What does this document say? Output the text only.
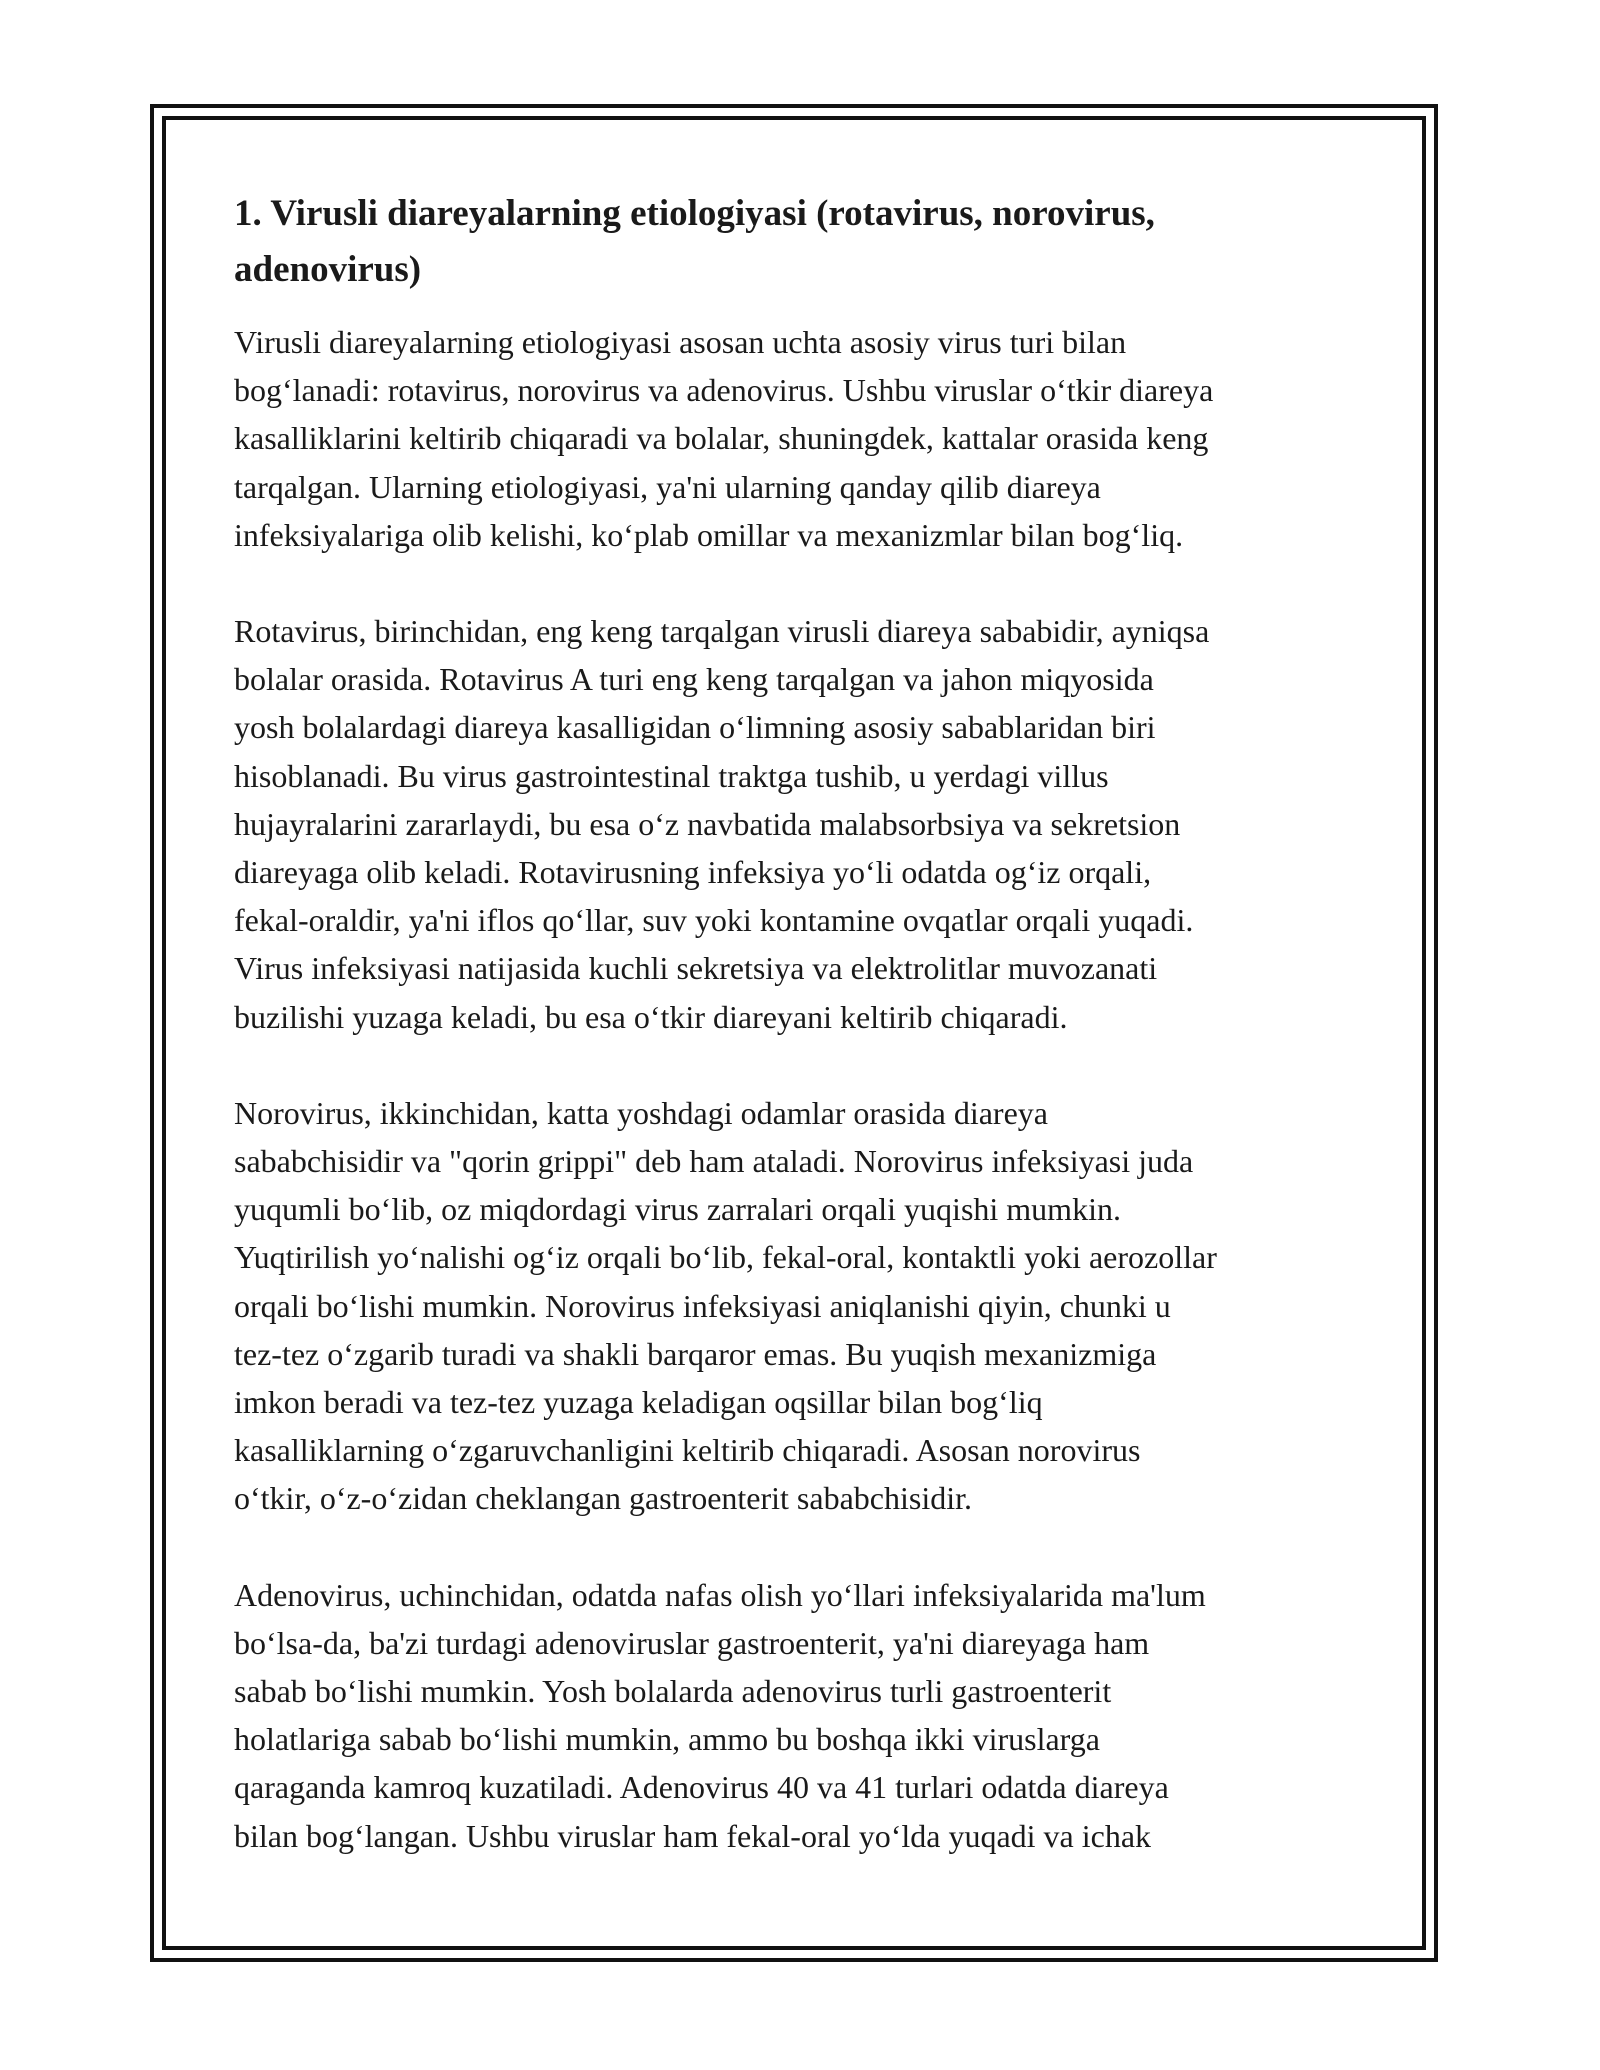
1. Virusli diareyalarning etiologiyasi (rotavirus, norovirus,
adenovirus)

Virusli diareyalarning etiologiyasi asosan uchta asosiy virus turi bilan
bog‘lanadi: rotavirus, norovirus va adenovirus. Ushbu viruslar o‘tkir diareya
kasalliklarini keltirib chiqaradi va bolalar, shuningdek, kattalar orasida keng
tarqalgan. Ularning etiologiyasi, ya'ni ularning qanday qilib diareya
infeksiyalariga olib kelishi, ko‘plab omillar va mexanizmlar bilan bog‘liq.

Rotavirus, birinchidan, eng keng tarqalgan virusli diareya sababidir, ayniqsa
bolalar orasida. Rotavirus A turi eng keng tarqalgan va jahon miqyosida
yosh bolalardagi diareya kasalligidan o‘limning asosiy sabablaridan biri
hisoblanadi. Bu virus gastrointestinal traktga tushib, u yerdagi villus
hujayralarini zararlaydi, bu esa o‘z navbatida malabsorbsiya va sekretsion
diareyaga olib keladi. Rotavirusning infeksiya yo‘li odatda og‘iz orqali,
fekal-oraldir, ya'ni iflos qo‘llar, suv yoki kontamine ovqatlar orqali yuqadi.
Virus infeksiyasi natijasida kuchli sekretsiya va elektrolitlar muvozanati
buzilishi yuzaga keladi, bu esa o‘tkir diareyani keltirib chiqaradi.

Norovirus, ikkinchidan, katta yoshdagi odamlar orasida diareya
sababchisidir va "qorin grippi" deb ham ataladi. Norovirus infeksiyasi juda
yuqumli bo‘lib, oz miqdordagi virus zarralari orqali yuqishi mumkin.
Yuqtirilish yo‘nalishi og‘iz orqali bo‘lib, fekal-oral, kontaktli yoki aerozollar
orqali bo‘lishi mumkin. Norovirus infeksiyasi aniqlanishi qiyin, chunki u
tez-tez o‘zgarib turadi va shakli barqaror emas. Bu yuqish mexanizmiga
imkon beradi va tez-tez yuzaga keladigan oqsillar bilan bog‘liq
kasalliklarning o‘zgaruvchanligini keltirib chiqaradi. Asosan norovirus
o‘tkir, o‘z-o‘zidan cheklangan gastroenterit sababchisidir.

Adenovirus, uchinchidan, odatda nafas olish yo‘llari infeksiyalarida ma'lum
bo‘lsa-da, ba'zi turdagi adenoviruslar gastroenterit, ya'ni diareyaga ham
sabab bo‘lishi mumkin. Yosh bolalarda adenovirus turli gastroenterit
holatlariga sabab bo‘lishi mumkin, ammo bu boshqa ikki viruslarga
qaraganda kamroq kuzatiladi. Adenovirus 40 va 41 turlari odatda diareya
bilan bog‘langan. Ushbu viruslar ham fekal-oral yo‘lda yuqadi va ichak
